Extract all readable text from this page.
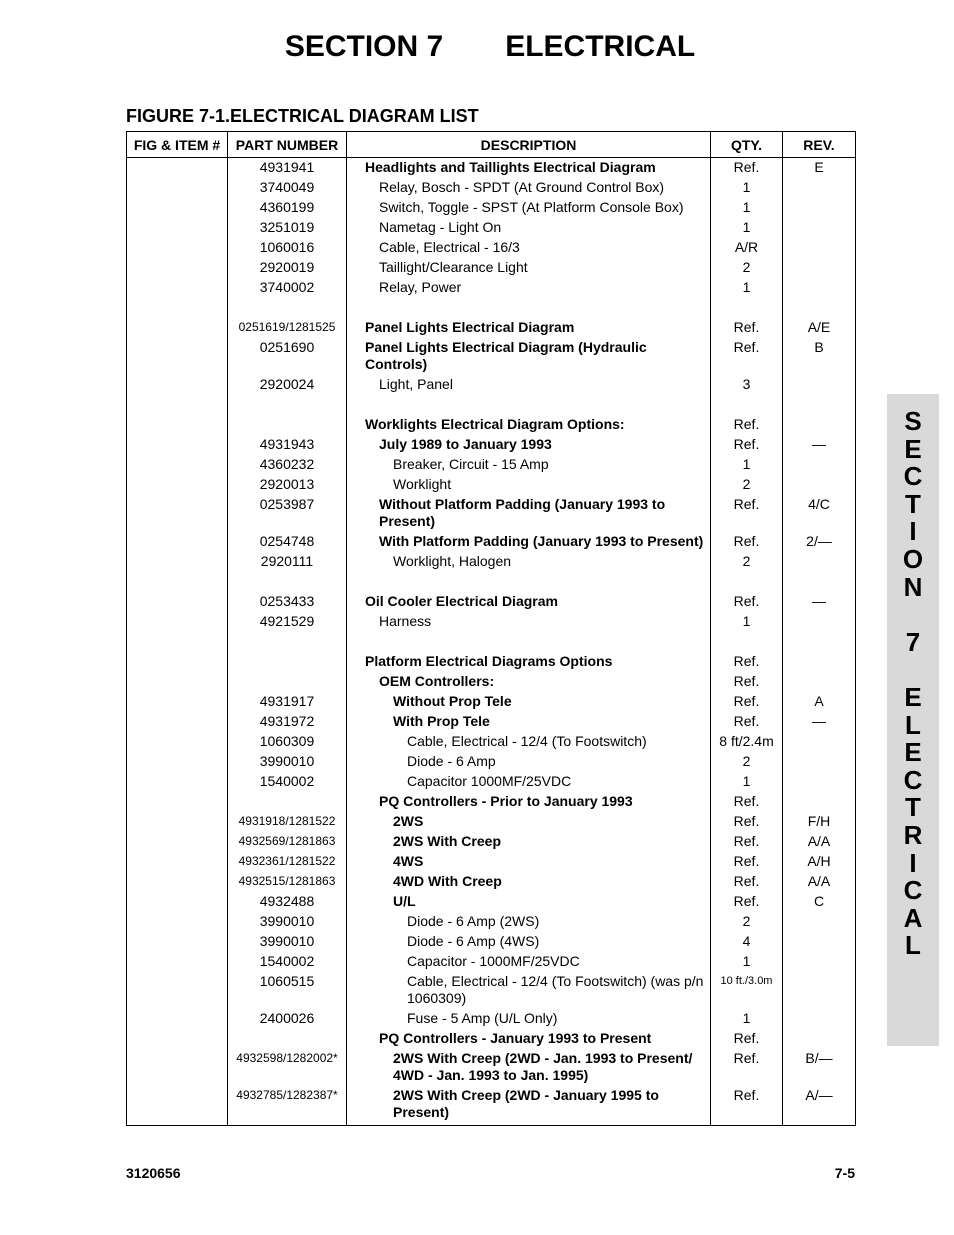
SECTION 7 ELECTRICAL
FIGURE 7-1.ELECTRICAL DIAGRAM LIST
FIG & ITEM #	PART NUMBER	DESCRIPTION	QTY.	REV.
	4931941	Headlights and Taillights Electrical Diagram	Ref.	E
	3740049	Relay, Bosch - SPDT (At Ground Control Box)	1	
	4360199	Switch, Toggle - SPST (At Platform Console Box)	1	
	3251019	Nametag - Light On	1	
	1060016	Cable, Electrical - 16/3	A/R	
	2920019	Taillight/Clearance Light	2	
	3740002	Relay, Power	1	

	0251619/1281525	Panel Lights Electrical Diagram	Ref.	A/E
	0251690	Panel Lights Electrical Diagram (Hydraulic Controls)	Ref.	B
	2920024	Light, Panel	3	

		Worklights Electrical Diagram Options:	Ref.	
	4931943	July 1989 to January 1993	Ref.	—
	4360232	Breaker, Circuit - 15 Amp	1	
	2920013	Worklight	2	
	0253987	Without Platform Padding (January 1993 to Present)	Ref.	4/C
	0254748	With Platform Padding (January 1993 to Present)	Ref.	2/—
	2920111	Worklight, Halogen	2	

	0253433	Oil Cooler Electrical Diagram	Ref.	—
	4921529	Harness	1	

		Platform Electrical Diagrams Options	Ref.	
		OEM Controllers:	Ref.	
	4931917	Without Prop Tele	Ref.	A
	4931972	With Prop Tele	Ref.	—
	1060309	Cable, Electrical - 12/4 (To Footswitch)	8 ft/2.4m	
	3990010	Diode - 6 Amp	2	
	1540002	Capacitor 1000MF/25VDC	1	
		PQ Controllers - Prior to January 1993	Ref.	
	4931918/1281522	2WS	Ref.	F/H
	4932569/1281863	2WS With Creep	Ref.	A/A
	4932361/1281522	4WS	Ref.	A/H
	4932515/1281863	4WD With Creep	Ref.	A/A
	4932488	U/L	Ref.	C
	3990010	Diode - 6 Amp (2WS)	2	
	3990010	Diode - 6 Amp (4WS)	4	
	1540002	Capacitor - 1000MF/25VDC	1	
	1060515	Cable, Electrical - 12/4 (To Footswitch) (was p/n 1060309)	10 ft./3.0m	
	2400026	Fuse - 5 Amp (U/L Only)	1	
		PQ Controllers - January 1993 to Present	Ref.	
	4932598/1282002*	2WS With Creep (2WD - Jan. 1993 to Present/ 4WD - Jan. 1993 to Jan. 1995)	Ref.	B/—
	4932785/1282387*	2WS With Creep (2WD - January 1995 to Present)	Ref.	A/—
S
E
C
T
I
O
N

7

E
L
E
C
T
R
I
C
A
L
3120656	7-5
